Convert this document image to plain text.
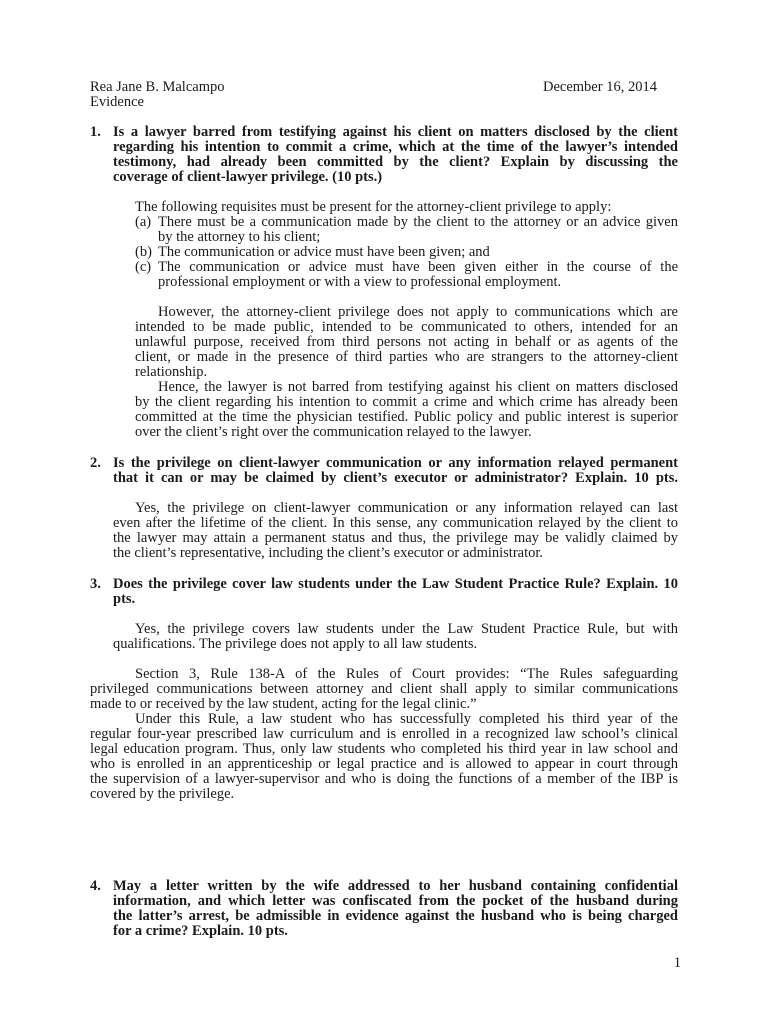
Rea Jane B. Malcampo	December 16, 2014
Evidence
1. Is a lawyer barred from testifying against his client on matters disclosed by the client
regarding his intention to commit a crime, which at the time of the lawyer’s intended
testimony, had already been committed by the client? Explain by discussing the
coverage of client-lawyer privilege. (10 pts.)
The following requisites must be present for the attorney-client privilege to apply:
(a) There must be a communication made by the client to the attorney or an advice given
by the attorney to his client;
(b) The communication or advice must have been given; and
(c) The communication or advice must have been given either in the course of the
professional employment or with a view to professional employment.
However, the attorney-client privilege does not apply to communications which are
intended to be made public, intended to be communicated to others, intended for an
unlawful purpose, received from third persons not acting in behalf or as agents of the
client, or made in the presence of third parties who are strangers to the attorney-client
relationship.
Hence, the lawyer is not barred from testifying against his client on matters disclosed
by the client regarding his intention to commit a crime and which crime has already been
committed at the time the physician testified. Public policy and public interest is superior
over the client’s right over the communication relayed to the lawyer.
2. Is the privilege on client-lawyer communication or any information relayed permanent
that it can or may be claimed by client’s executor or administrator? Explain. 10 pts.
Yes, the privilege on client-lawyer communication or any information relayed can last
even after the lifetime of the client. In this sense, any communication relayed by the client to
the lawyer may attain a permanent status and thus, the privilege may be validly claimed by
the client’s representative, including the client’s executor or administrator.
3. Does the privilege cover law students under the Law Student Practice Rule? Explain. 10
pts.
Yes, the privilege covers law students under the Law Student Practice Rule, but with
qualifications. The privilege does not apply to all law students.
Section 3, Rule 138-A of the Rules of Court provides: “The Rules safeguarding
privileged communications between attorney and client shall apply to similar communications
made to or received by the law student, acting for the legal clinic.”
Under this Rule, a law student who has successfully completed his third year of the
regular four-year prescribed law curriculum and is enrolled in a recognized law school’s clinical
legal education program. Thus, only law students who completed his third year in law school and
who is enrolled in an apprenticeship or legal practice and is allowed to appear in court through
the supervision of a lawyer-supervisor and who is doing the functions of a member of the IBP is
covered by the privilege.
4. May a letter written by the wife addressed to her husband containing confidential
information, and which letter was confiscated from the pocket of the husband during
the latter’s arrest, be admissible in evidence against the husband who is being charged
for a crime? Explain. 10 pts.
1
